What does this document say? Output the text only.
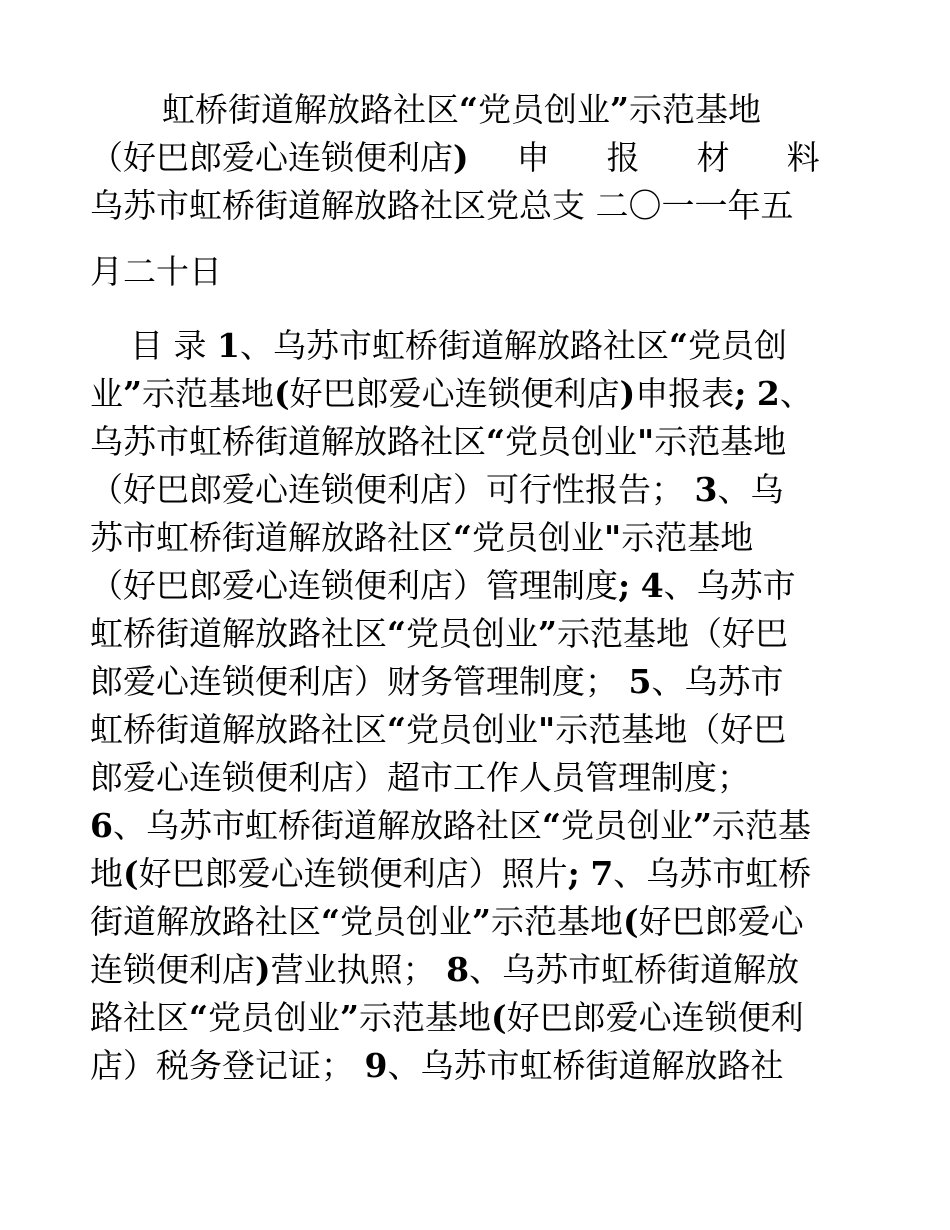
虹桥街道解放路社区“党员创业”示范基地
（好巴郎爱心连锁便利店) 申 报 材 料
乌苏市虹桥街道解放路社区党总支 二〇一一年五
月二十日
目 录 1、乌苏市虹桥街道解放路社区“党员创
业”示范基地(好巴郎爱心连锁便利店)申报表; 2、
乌苏市虹桥街道解放路社区“党员创业"示范基地
（好巴郎爱心连锁便利店）可行性报告； 3、乌
苏市虹桥街道解放路社区“党员创业"示范基地
（好巴郎爱心连锁便利店）管理制度; 4、乌苏市
虹桥街道解放路社区“党员创业”示范基地（好巴
郎爱心连锁便利店）财务管理制度； 5、乌苏市
虹桥街道解放路社区“党员创业"示范基地（好巴
郎爱心连锁便利店）超市工作人员管理制度；
6、乌苏市虹桥街道解放路社区“党员创业”示范基
地(好巴郎爱心连锁便利店）照片; 7、乌苏市虹桥
街道解放路社区“党员创业”示范基地(好巴郎爱心
连锁便利店)营业执照； 8、乌苏市虹桥街道解放
路社区“党员创业”示范基地(好巴郎爱心连锁便利
店）税务登记证； 9、乌苏市虹桥街道解放路社
